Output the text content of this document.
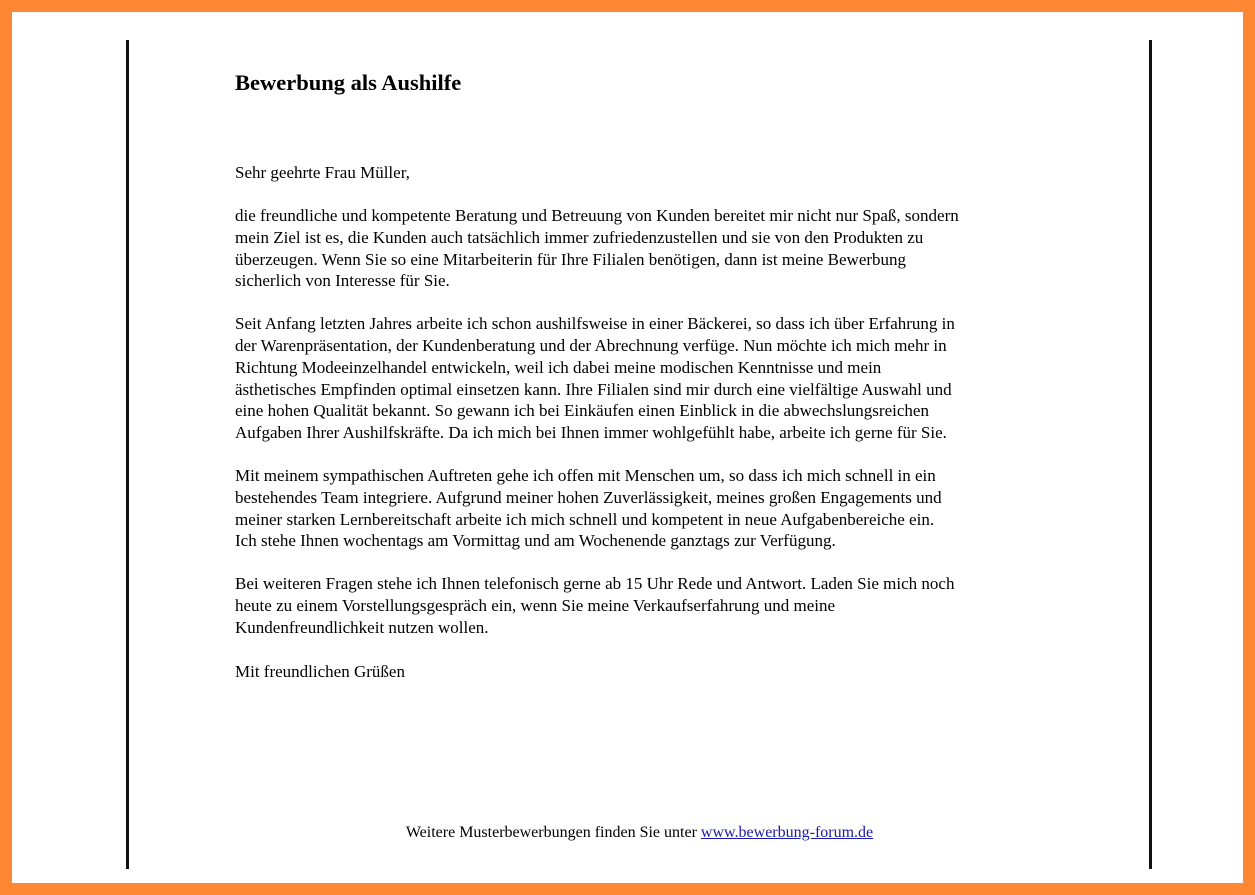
Bewerbung als Aushilfe

Sehr geehrte Frau Müller,

die freundliche und kompetente Beratung und Betreuung von Kunden bereitet mir nicht nur Spaß, sondern
mein Ziel ist es, die Kunden auch tatsächlich immer zufriedenzustellen und sie von den Produkten zu
überzeugen. Wenn Sie so eine Mitarbeiterin für Ihre Filialen benötigen, dann ist meine Bewerbung
sicherlich von Interesse für Sie.

Seit Anfang letzten Jahres arbeite ich schon aushilfsweise in einer Bäckerei, so dass ich über Erfahrung in
der Warenpräsentation, der Kundenberatung und der Abrechnung verfüge. Nun möchte ich mich mehr in
Richtung Modeeinzelhandel entwickeln, weil ich dabei meine modischen Kenntnisse und mein
ästhetisches Empfinden optimal einsetzen kann. Ihre Filialen sind mir durch eine vielfältige Auswahl und
eine hohen Qualität bekannt. So gewann ich bei Einkäufen einen Einblick in die abwechslungsreichen
Aufgaben Ihrer Aushilfskräfte. Da ich mich bei Ihnen immer wohlgefühlt habe, arbeite ich gerne für Sie.

Mit meinem sympathischen Auftreten gehe ich offen mit Menschen um, so dass ich mich schnell in ein
bestehendes Team integriere. Aufgrund meiner hohen Zuverlässigkeit, meines großen Engagements und
meiner starken Lernbereitschaft arbeite ich mich schnell und kompetent in neue Aufgabenbereiche ein.
Ich stehe Ihnen wochentags am Vormittag und am Wochenende ganztags zur Verfügung.

Bei weiteren Fragen stehe ich Ihnen telefonisch gerne ab 15 Uhr Rede und Antwort. Laden Sie mich noch
heute zu einem Vorstellungsgespräch ein, wenn Sie meine Verkaufserfahrung und meine
Kundenfreundlichkeit nutzen wollen.

Mit freundlichen Grüßen

Weitere Musterbewerbungen finden Sie unter www.bewerbung-forum.de
